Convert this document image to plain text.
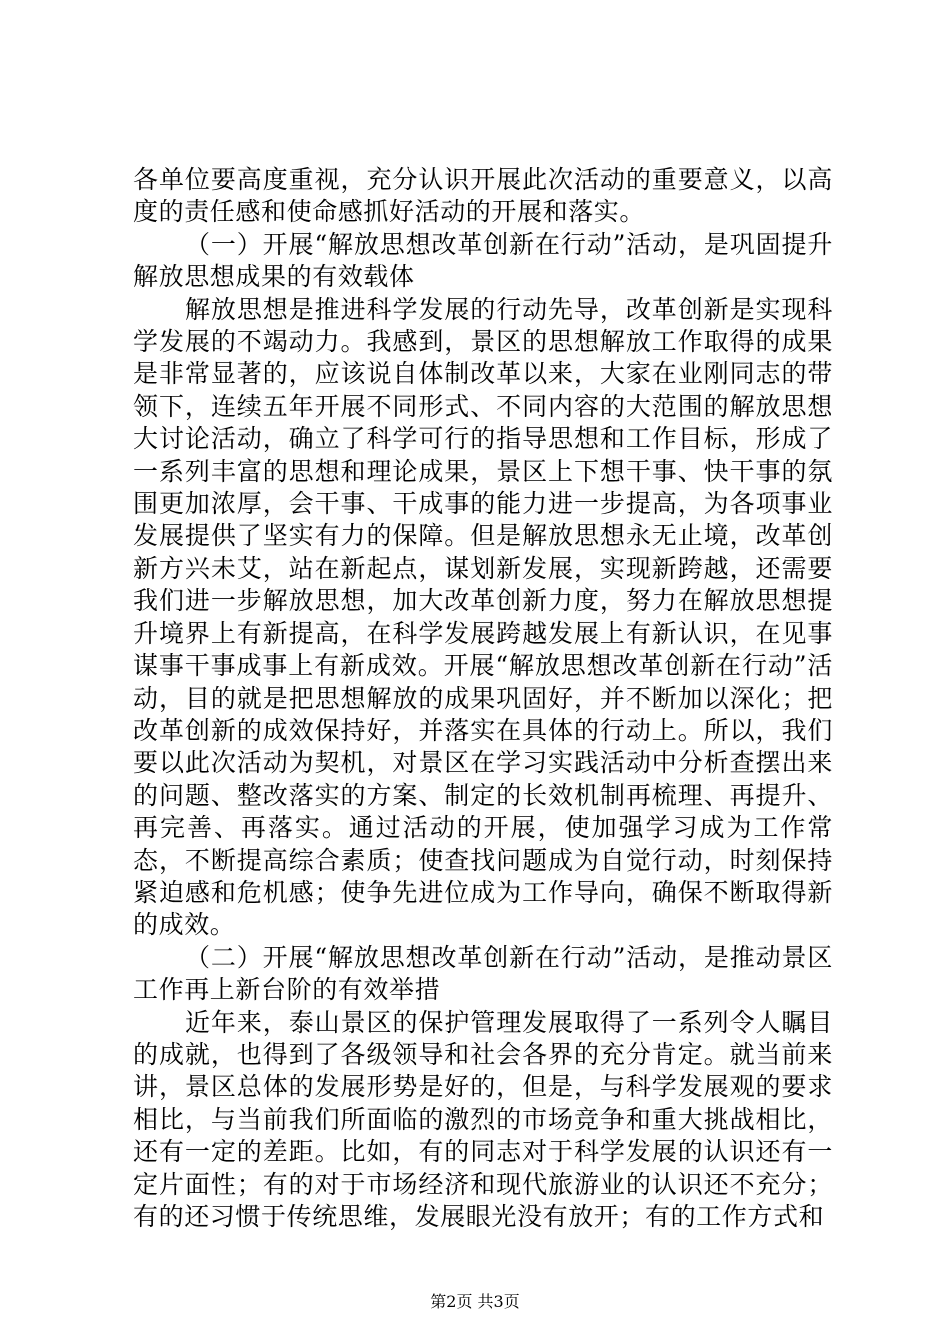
各单位要高度重视，充分认识开展此次活动的重要意义，以高度的责任感和使命感抓好活动的开展和落实。

（一）开展“解放思想改革创新在行动”活动，是巩固提升解放思想成果的有效载体

解放思想是推进科学发展的行动先导，改革创新是实现科学发展的不竭动力。我感到，景区的思想解放工作取得的成果是非常显著的，应该说自体制改革以来，大家在业刚同志的带领下，连续五年开展不同形式、不同内容的大范围的解放思想大讨论活动，确立了科学可行的指导思想和工作目标，形成了一系列丰富的思想和理论成果，景区上下想干事、快干事的氛围更加浓厚，会干事、干成事的能力进一步提高，为各项事业发展提供了坚实有力的保障。但是解放思想永无止境，改革创新方兴未艾，站在新起点，谋划新发展，实现新跨越，还需要我们进一步解放思想，加大改革创新力度，努力在解放思想提升境界上有新提高，在科学发展跨越发展上有新认识，在见事谋事干事成事上有新成效。开展“解放思想改革创新在行动”活动，目的就是把思想解放的成果巩固好，并不断加以深化；把改革创新的成效保持好，并落实在具体的行动上。所以，我们要以此次活动为契机，对景区在学习实践活动中分析查摆出来的问题、整改落实的方案、制定的长效机制再梳理、再提升、再完善、再落实。通过活动的开展，使加强学习成为工作常态，不断提高综合素质；使查找问题成为自觉行动，时刻保持紧迫感和危机感；使争先进位成为工作导向，确保不断取得新的成效。

（二）开展“解放思想改革创新在行动”活动，是推动景区工作再上新台阶的有效举措

近年来，泰山景区的保护管理发展取得了一系列令人瞩目的成就，也得到了各级领导和社会各界的充分肯定。就当前来讲，景区总体的发展形势是好的，但是，与科学发展观的要求相比，与当前我们所面临的激烈的市场竞争和重大挑战相比，还有一定的差距。比如，有的同志对于科学发展的认识还有一定片面性；有的对于市场经济和现代旅游业的认识还不充分；有的还习惯于传统思维，发展眼光没有放开；有的工作方式和

第2页 共3页
